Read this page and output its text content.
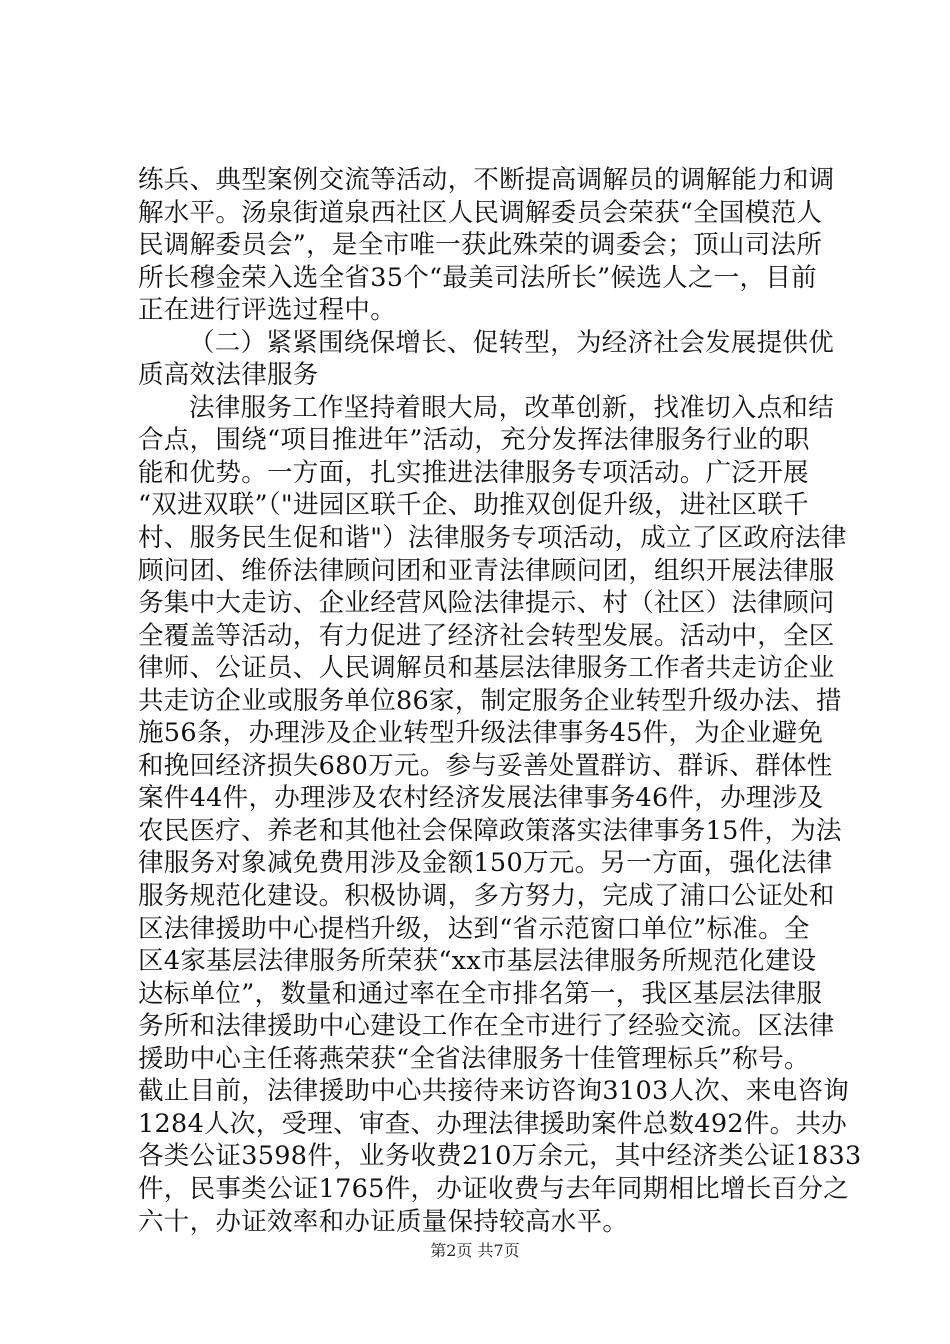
练兵、典型案例交流等活动，不断提高调解员的调解能力和调
解水平。汤泉街道泉西社区人民调解委员会荣获“全国模范人
民调解委员会”，是全市唯一获此殊荣的调委会；顶山司法所
所长穆金荣入选全省35个“最美司法所长”候选人之一，目前
正在进行评选过程中。
（二）紧紧围绕保增长、促转型，为经济社会发展提供优
质高效法律服务
法律服务工作坚持着眼大局，改革创新，找准切入点和结
合点，围绕“项目推进年”活动，充分发挥法律服务行业的职
能和优势。一方面，扎实推进法律服务专项活动。广泛开展
“双进双联”（"进园区联千企、助推双创促升级，进社区联千
村、服务民生促和谐"）法律服务专项活动，成立了区政府法律
顾问团、维侨法律顾问团和亚青法律顾问团，组织开展法律服
务集中大走访、企业经营风险法律提示、村（社区）法律顾问
全覆盖等活动，有力促进了经济社会转型发展。活动中，全区
律师、公证员、人民调解员和基层法律服务工作者共走访企业
共走访企业或服务单位86家，制定服务企业转型升级办法、措
施56条，办理涉及企业转型升级法律事务45件，为企业避免
和挽回经济损失680万元。参与妥善处置群访、群诉、群体性
案件44件，办理涉及农村经济发展法律事务46件，办理涉及
农民医疗、养老和其他社会保障政策落实法律事务15件，为法
律服务对象减免费用涉及金额150万元。另一方面，强化法律
服务规范化建设。积极协调，多方努力，完成了浦口公证处和
区法律援助中心提档升级，达到“省示范窗口单位”标准。全
区4家基层法律服务所荣获“xx市基层法律服务所规范化建设
达标单位”，数量和通过率在全市排名第一，我区基层法律服
务所和法律援助中心建设工作在全市进行了经验交流。区法律
援助中心主任蒋燕荣获“全省法律服务十佳管理标兵”称号。
截止目前，法律援助中心共接待来访咨询3103人次、来电咨询
1284人次，受理、审查、办理法律援助案件总数492件。共办
各类公证3598件，业务收费210万余元，其中经济类公证1833
件，民事类公证1765件，办证收费与去年同期相比增长百分之
六十，办证效率和办证质量保持较高水平。
第2页 共7页
